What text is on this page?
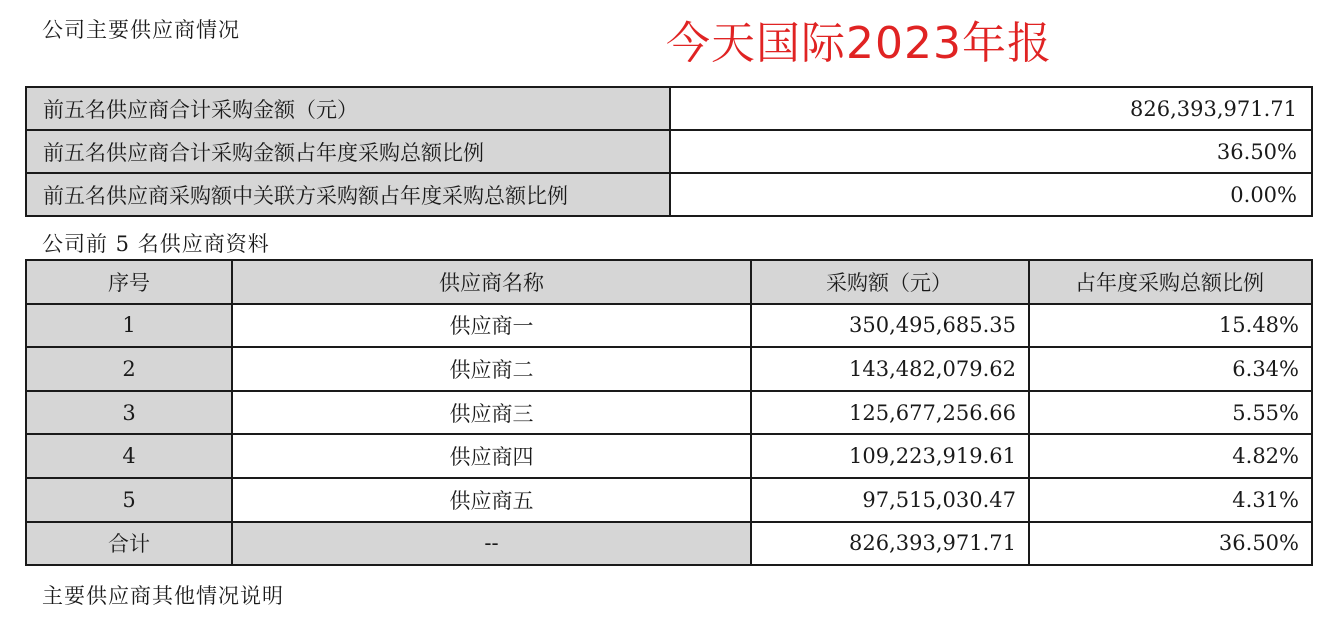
公司主要供应商情况	今天国际2023年报
前五名供应商合计采购金额（元）	826,393,971.71
前五名供应商合计采购金额占年度采购总额比例	36.50%
前五名供应商采购额中关联方采购额占年度采购总额比例	0.00%
公司前 5 名供应商资料
序号	供应商名称	采购额（元）	占年度采购总额比例
1	供应商一	350,495,685.35	15.48%
2	供应商二	143,482,079.62	6.34%
3	供应商三	125,677,256.66	5.55%
4	供应商四	109,223,919.61	4.82%
5	供应商五	97,515,030.47	4.31%
合计	--	826,393,971.71	36.50%
主要供应商其他情况说明
